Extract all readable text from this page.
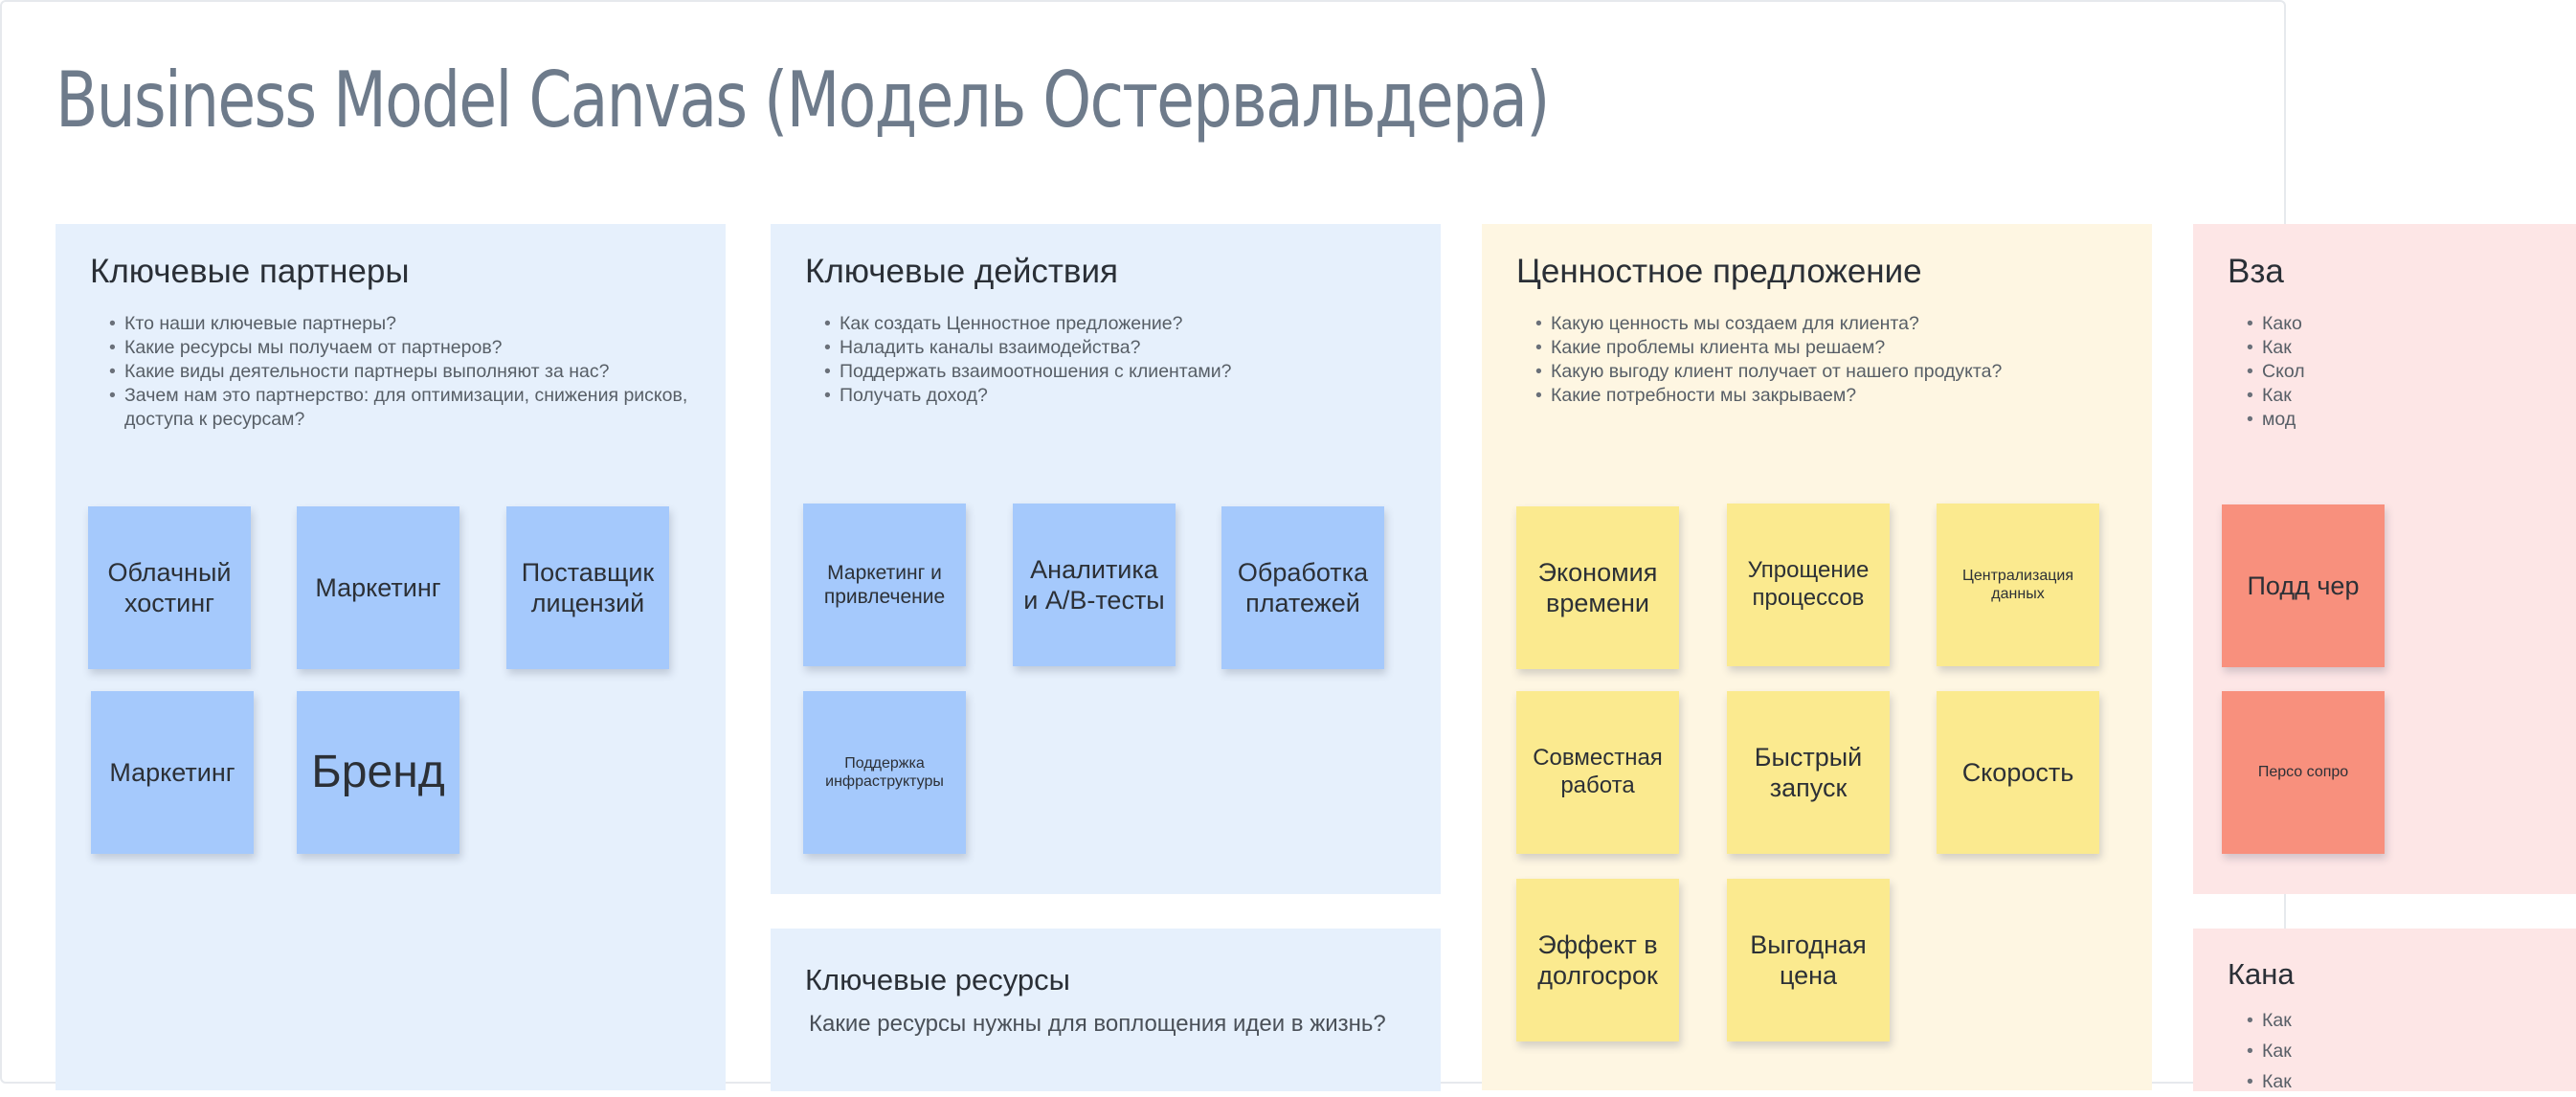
Business Model Canvas (Модель Остервальдера)
Ключевые партнеры
• Кто наши ключевые партнеры?
• Какие ресурсы мы получаем от партнеров?
• Какие виды деятельности партнеры выполняют за нас?
• Зачем нам это партнерство: для оптимизации, снижения рисков, доступа к ресурсам?
Ключевые действия
• Как создать Ценностное предложение?
• Наладить каналы взаимодейства?
• Поддержать взаимоотношения с клиентами?
• Получать доход?
Ключевые ресурсы

Какие ресурсы нужны для воплощения идеи в жизнь?

Ценностное предложение
• Какую ценность мы создаем для клиента?
• Какие проблемы клиента мы решаем?
• Какую выгоду клиент получает от нашего продукта?
• Какие потребности мы закрываем?
Вза
• Како
• Как
• Скол
• Как
• мод
Кана
• Как
• Как
• Как
Облачный хостинг
Маркетинг
Поставщик лицензий
Маркетинг	Бренд
Маркетинг и привлечение
Аналитика и А/В-тесты
Обработка платежей
Поддержка инфраструктуры
Экономия времени
Упрощение процессов
Централизация данных
Совместная работа
Быстрый запуск
Скорость
Эффект в долгосрок
Выгодная цена
Подд чер
Персо сопро
